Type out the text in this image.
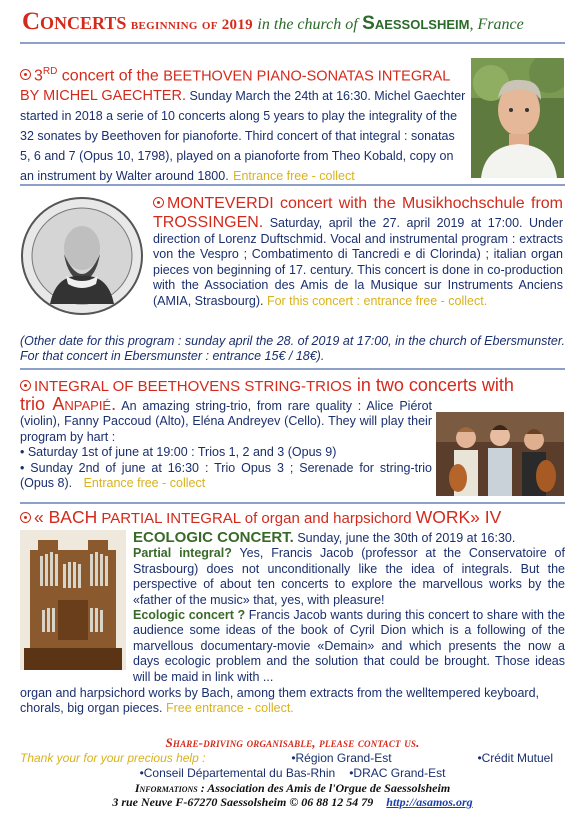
Concerts beginning of 2019 in the church of Saessolsheim, France
3RD concert of the BEETHOVEN PIANO-SONATAS INTEGRAL BY MICHEL GAECHTER. Sunday March the 24th at 16:30. Michel Gaechter started in 2018 a serie of 10 concerts along 5 years to play the integrality of the 32 sonates by Beethoven for pianoforte. Third concert of that integral : sonatas 5, 6 and 7 (Opus 10, 1798), played on a pianoforte from Theo Kobald, copy on an instrument by Walter around 1800. Entrance free - collect
MONTEVERDI concert with the Musikhochschule from TROSSINGEN. Saturday, april the 27. april 2019 at 17:00. Under direction of Lorenz Duftschmid. Vocal and instrumental program : extracts von the Vespro ; Combatimento di Tancredi e di Clorinda) ; italian organ pieces von beginning of 17. century. This concert is done in co-production with the Association des Amis de la Musique sur Instruments Anciens (AMIA, Strasbourg). For this concert : entrance free - collect.
(Other date for this program : sunday april the 28. of 2019 at 17:00, in the church of Ebersmunster. For that concert in Ebersmunster : entrance 15€ / 18€).
INTEGRAL OF BEETHOVENS STRING-TRIOS in two concerts with
trio Anpapié. An amazing string-trio, from rare quality : Alice Piérot (violin), Fanny Paccoud (Alto), Eléna Andreyev (Cello). They will play their program by hart :
• Saturday 1st of june at 19:00 : Trios 1, 2 and 3 (Opus 9)
• Sunday 2nd of june at 16:30 : Trio Opus 3 ; Serenade for string-trio (Opus 8). Entrance free - collect
« BACH PARTIAL INTEGRAL of organ and harpsichord WORK» IV
ECOLOGIC CONCERT. Sunday, june the 30th of 2019 at 16:30.
Partial integral? Yes, Francis Jacob (professor at the Conservatoire of Strasbourg) does not unconditionally like the idea of integrals. But the perspective of about ten concerts to explore the marvellous works by the «father of the music» that, yes, with pleasure!
Ecologic concert ? Francis Jacob wants during this concert to share with the audience some ideas of the book of Cyril Dion which is a following of the marvellous documentary-movie «Demain» and which presents the now a days ecologic problem and the solution that could be brought. Those ideas will be maid in link with ...
organ and harpsichord works by Bach, among them extracts from the welltempered keyboard, chorals, big organ pieces. Free entrance - collect.
Share-driving organisable, please contact us.
Thank your for your precious help :	•Région Grand-Est	•Crédit Mutuel
•Conseil Départemental du Bas-Rhin •DRAC Grand-Est
Informations : Association des Amis de l'Orgue de Saessolsheim
3 rue Neuve F-67270 Saessolsheim © 06 88 12 54 79 http://asamos.org
